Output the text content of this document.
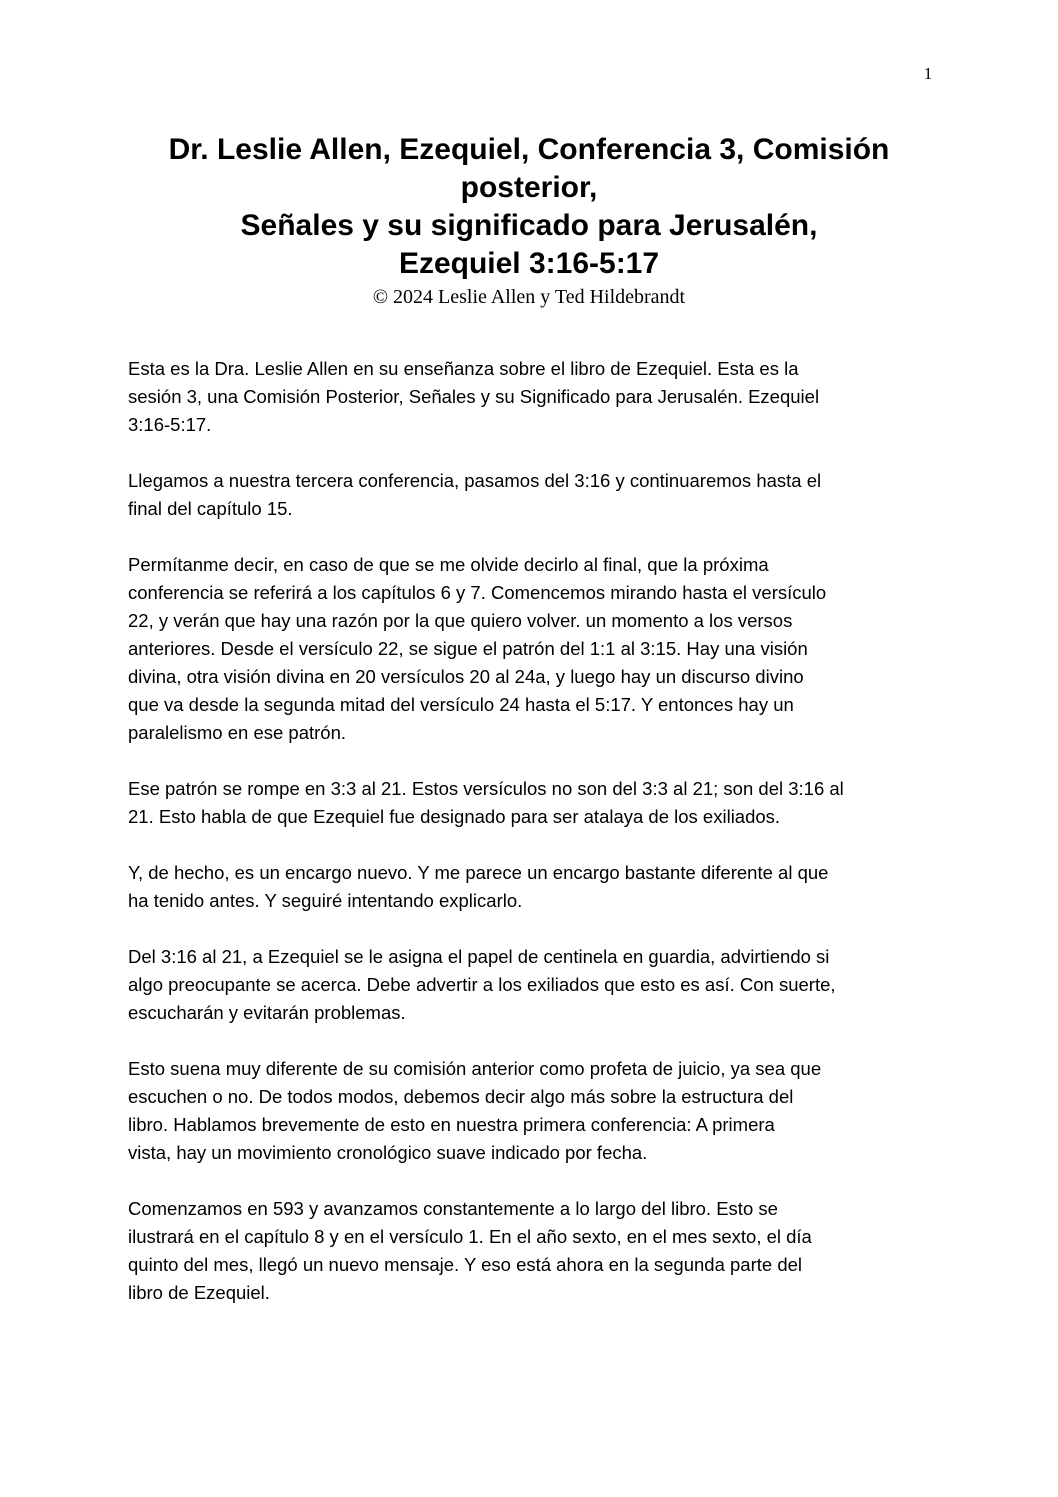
1
Dr. Leslie Allen, Ezequiel, Conferencia 3, Comisión
posterior,
Señales y su significado para Jerusalén,
Ezequiel 3:16-5:17
© 2024 Leslie Allen y Ted Hildebrandt

Esta es la Dra. Leslie Allen en su enseñanza sobre el libro de Ezequiel. Esta es la
sesión 3, una Comisión Posterior, Señales y su Significado para Jerusalén. Ezequiel
3:16-5:17.

Llegamos a nuestra tercera conferencia, pasamos del 3:16 y continuaremos hasta el
final del capítulo 15.

Permítanme decir, en caso de que se me olvide decirlo al final, que la próxima
conferencia se referirá a los capítulos 6 y 7. Comencemos mirando hasta el versículo
22, y verán que hay una razón por la que quiero volver. un momento a los versos
anteriores. Desde el versículo 22, se sigue el patrón del 1:1 al 3:15. Hay una visión
divina, otra visión divina en 20 versículos 20 al 24a, y luego hay un discurso divino
que va desde la segunda mitad del versículo 24 hasta el 5:17. Y entonces hay un
paralelismo en ese patrón.

Ese patrón se rompe en 3:3 al 21. Estos versículos no son del 3:3 al 21; son del 3:16 al
21. Esto habla de que Ezequiel fue designado para ser atalaya de los exiliados.

Y, de hecho, es un encargo nuevo. Y me parece un encargo bastante diferente al que
ha tenido antes. Y seguiré intentando explicarlo.

Del 3:16 al 21, a Ezequiel se le asigna el papel de centinela en guardia, advirtiendo si
algo preocupante se acerca. Debe advertir a los exiliados que esto es así. Con suerte,
escucharán y evitarán problemas.

Esto suena muy diferente de su comisión anterior como profeta de juicio, ya sea que
escuchen o no. De todos modos, debemos decir algo más sobre la estructura del
libro. Hablamos brevemente de esto en nuestra primera conferencia: A primera
vista, hay un movimiento cronológico suave indicado por fecha.

Comenzamos en 593 y avanzamos constantemente a lo largo del libro. Esto se
ilustrará en el capítulo 8 y en el versículo 1. En el año sexto, en el mes sexto, el día
quinto del mes, llegó un nuevo mensaje. Y eso está ahora en la segunda parte del
libro de Ezequiel.
